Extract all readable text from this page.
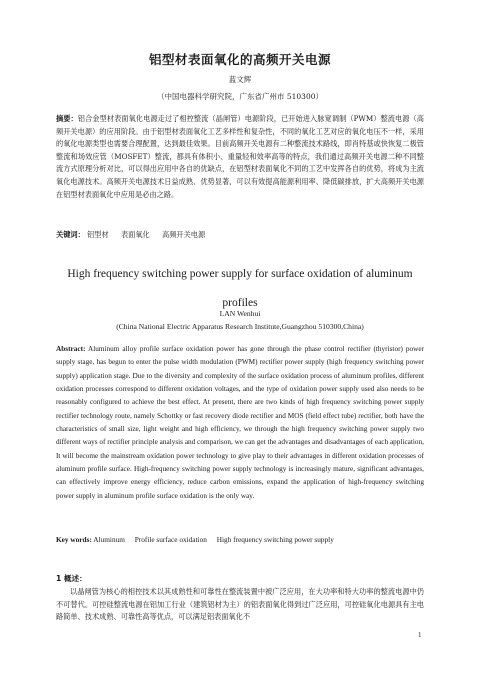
铝型材表面氧化的高频开关电源
蓝文辉
（中国电器科学研究院，广东省广州市 510300）
摘要：铝合金型材表面氧化电源走过了相控整流（晶闸管）电源阶段，已开始进入脉宽调制（PWM）整流电源（高频开关电源）的应用阶段。由于铝型材表面氧化工艺多样性和复杂性，不同的氧化工艺对应的氧化电压不一样，采用的氧化电源类型也需要合理配置，达到最佳效果。目前高频开关电源有二种整流技术路线，即肖特基或快恢复二极管整流和场效应管（MOSFET）整流，都具有体积小、重量轻和效率高等的特点，我们通过高频开关电源二种不同整流方式原理分析对比，可以得出应用中各自的优缺点，在铝型材表面氧化不同的工艺中发挥各自的优势，将成为主流氧化电源技术。高频开关电源技术日益成熟、优势显著，可以有效提高能源利用率、降低碳排放，扩大高频开关电源在铝型材表面氧化中应用是必由之路。
关键词： 铝型材 表面氧化 高频开关电源
High frequency switching power supply for surface oxidation of aluminum profiles
LAN Wenhui
(China National Electric Apparatus Research Institute,Guangzhou 510300,China)
Abstract: Aluminum alloy profile surface oxidation power has gone through the phase control rectifier (thyristor) power supply stage, has begun to enter the pulse width modulation (PWM) rectifier power supply (high frequency switching power supply) application stage. Due to the diversity and complexity of the surface oxidation process of aluminum profiles, different oxidation processes correspond to different oxidation voltages, and the type of oxidation power supply used also needs to be reasonably configured to achieve the best effect. At present, there are two kinds of high frequency switching power supply rectifier technology route, namely Schottky or fast recovery diode rectifier and MOS (field effect tube) rectifier, both have the characteristics of small size, light weight and high efficiency, we through the high frequency switching power supply two different ways of rectifier principle analysis and comparison, we can get the advantages and disadvantages of each application, It will become the mainstream oxidation power technology to give play to their advantages in different oxidation processes of aluminum profile surface. High-frequency switching power supply technology is increasingly mature, significant advantages, can effectively improve energy efficiency, reduce carbon emissions, expand the application of high-frequency switching power supply in aluminum profile surface oxidation is the only way.
Key words: Aluminum Profile surface oxidation High frequency switching power supply
1 概述：
以晶闸管为核心的相控技术以其成熟性和可靠性在整流装置中被广泛应用，在大功率和特大功率的整流电源中仍不可替代。可控硅整流电源在铝加工行业（建筑铝材为主）的铝表面氧化得到过广泛应用，可控硅氧化电源具有主电路简单、技术成熟、可靠性高等优点，可以满足铝表面氧化不
1
